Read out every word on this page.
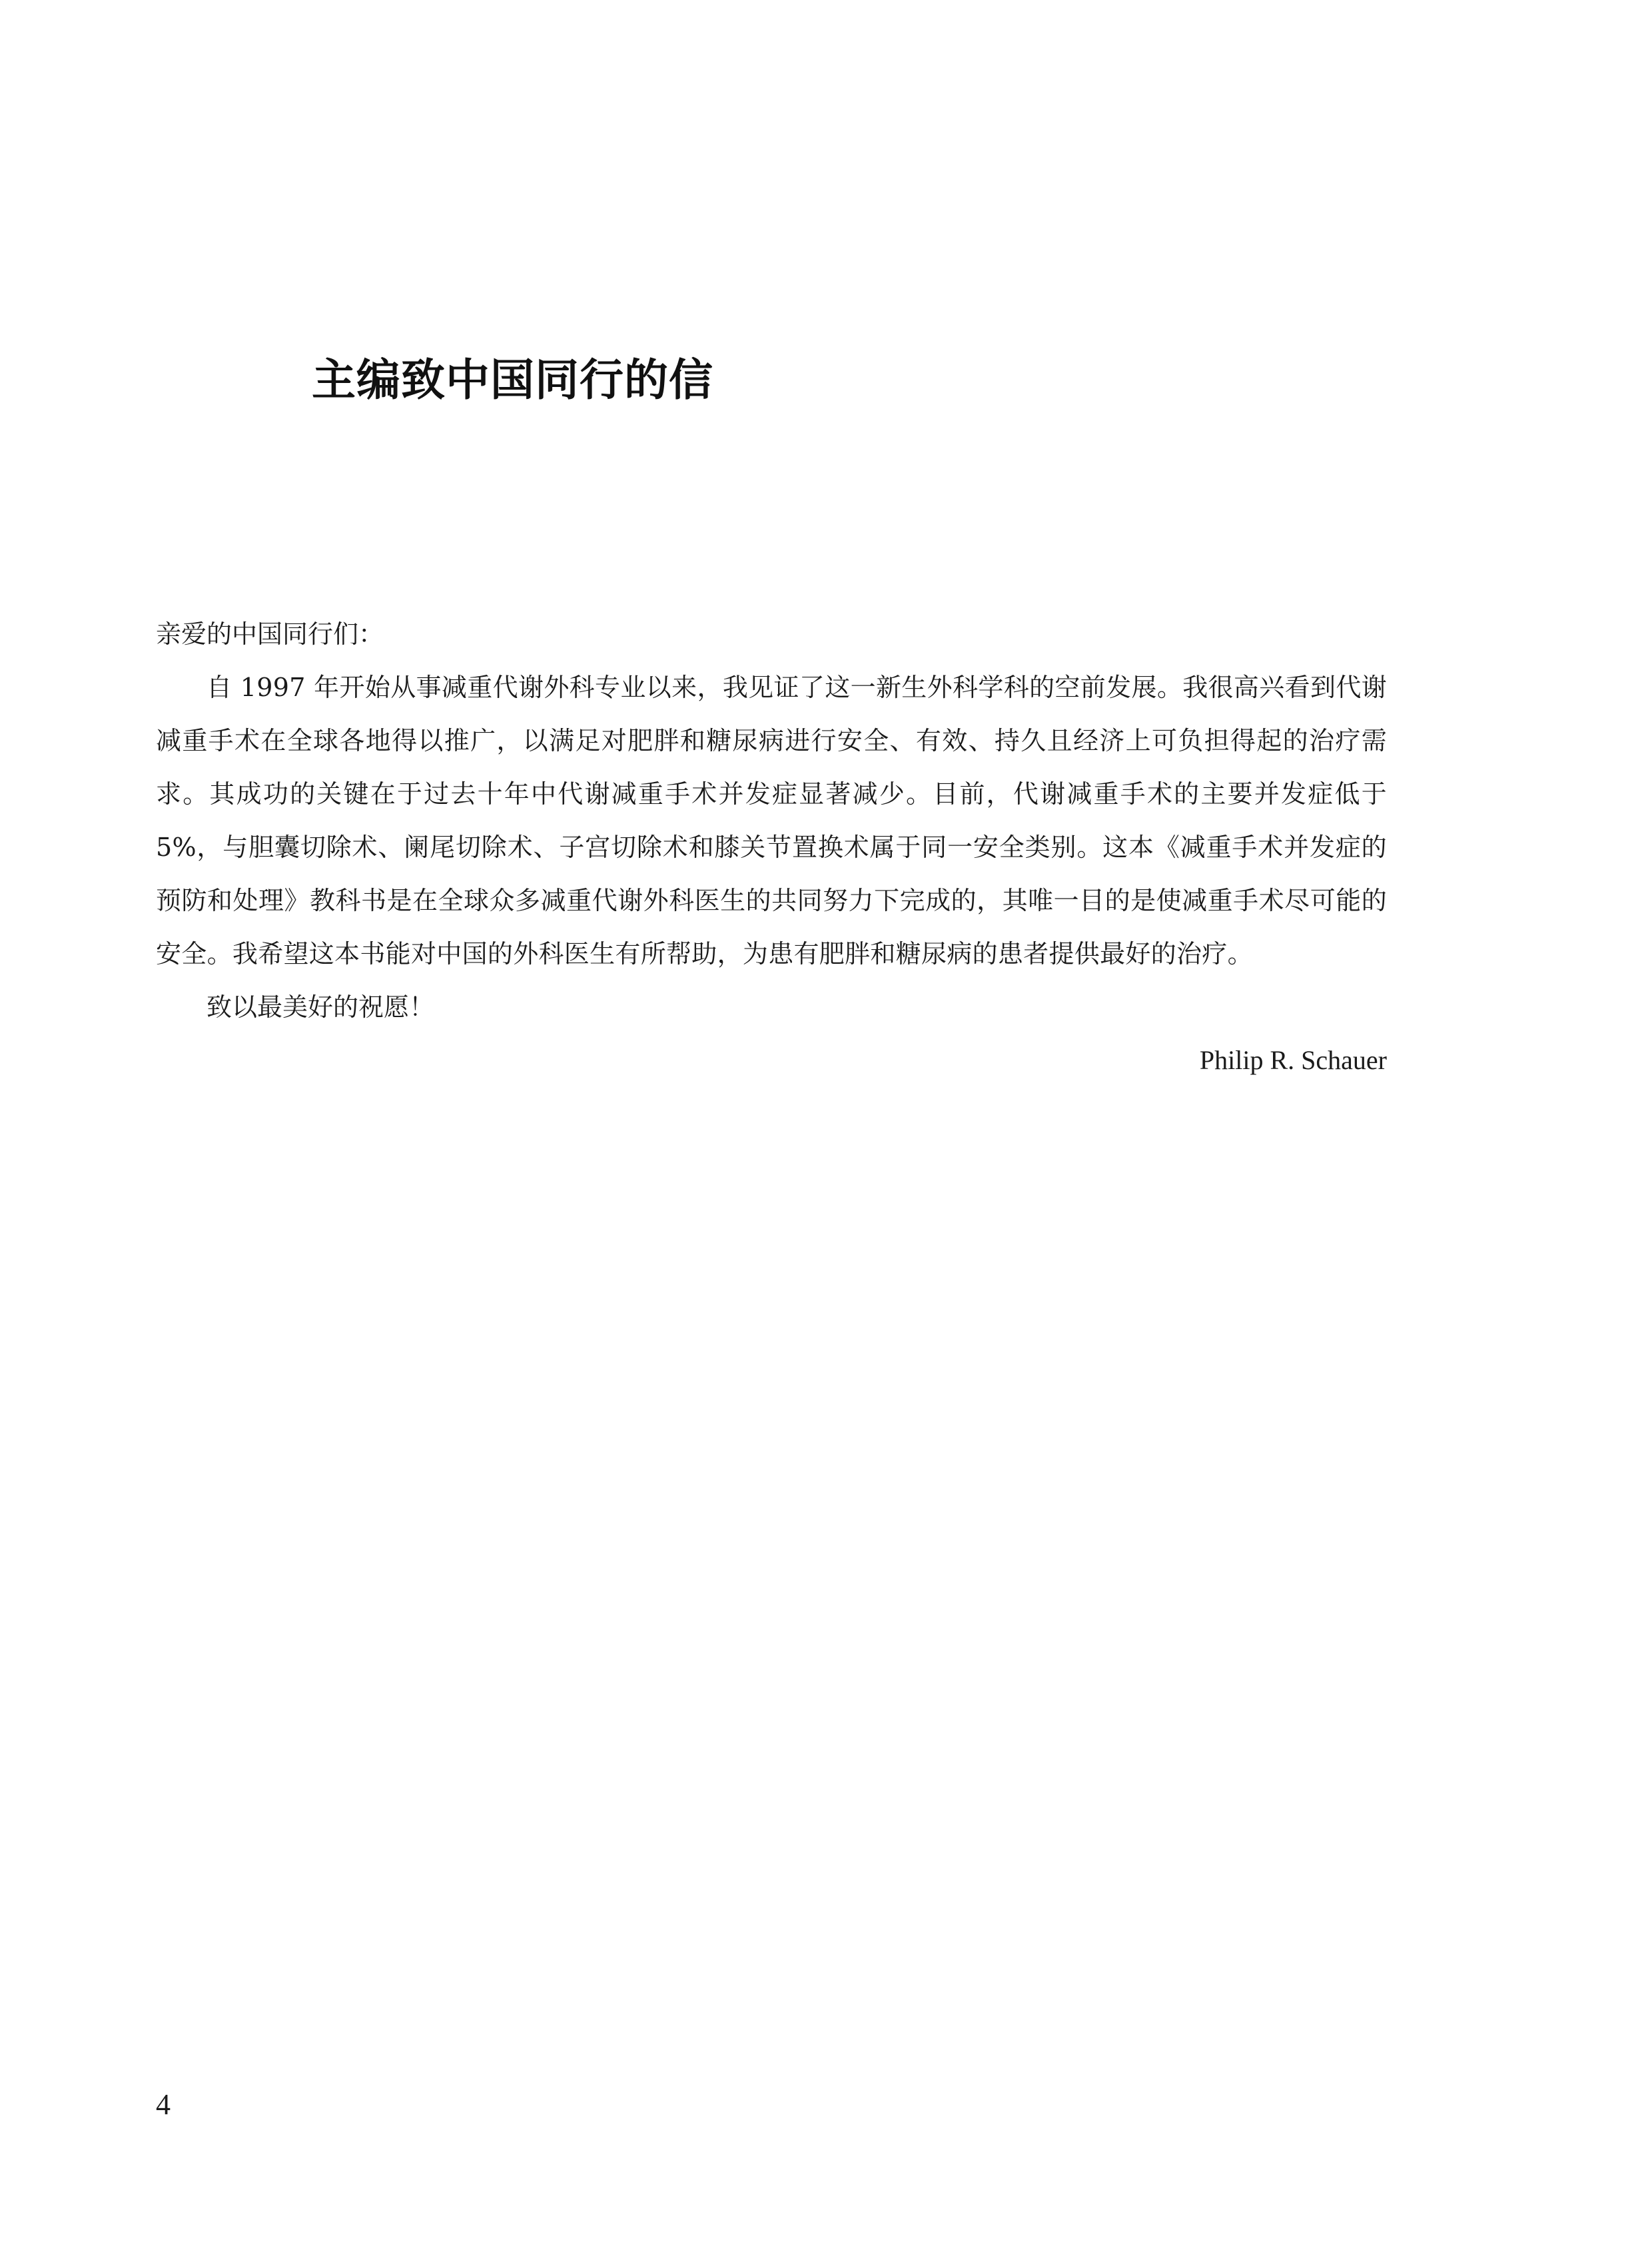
主编致中国同行的信

亲爱的中国同行们：

自 1997 年开始从事减重代谢外科专业以来，我见证了这一新生外科学科的空前发展。我很高兴看到代谢减重手术在全球各地得以推广，以满足对肥胖和糖尿病进行安全、有效、持久且经济上可负担得起的治疗需求。其成功的关键在于过去十年中代谢减重手术并发症显著减少。目前，代谢减重手术的主要并发症低于 5%，与胆囊切除术、阑尾切除术、子宫切除术和膝关节置换术属于同一安全类别。这本《减重手术并发症的预防和处理》教科书是在全球众多减重代谢外科医生的共同努力下完成的，其唯一目的是使减重手术尽可能的安全。我希望这本书能对中国的外科医生有所帮助，为患有肥胖和糖尿病的患者提供最好的治疗。

致以最美好的祝愿！

Philip R. Schauer

4
